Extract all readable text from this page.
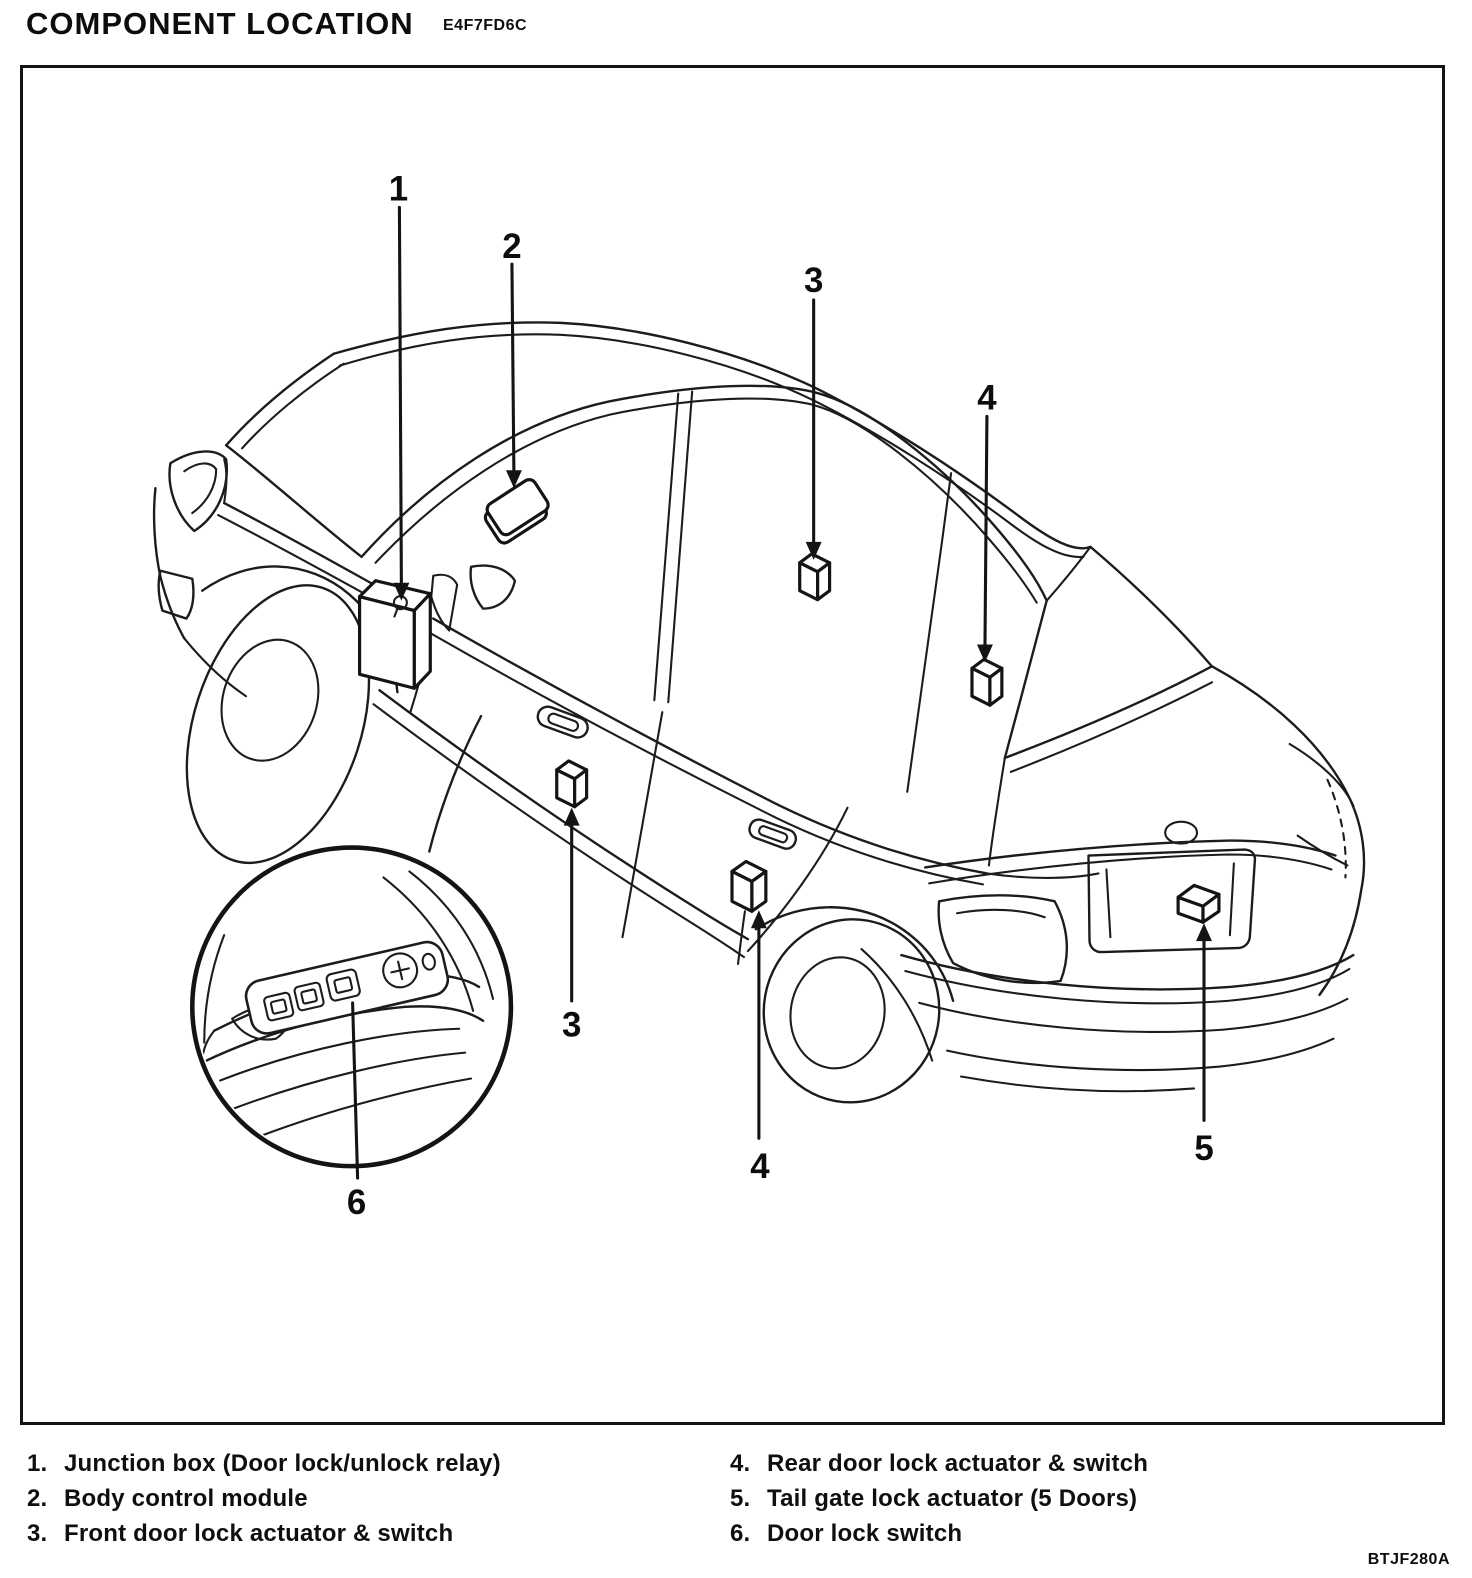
COMPONENT LOCATION E4F7FD6C
1
2
3
4
3
4	5
6
1. Junction box (Door lock/unlock relay)
2. Body control module
3. Front door lock actuator & switch
4. Rear door lock actuator & switch
5. Tail gate lock actuator (5 Doors)
6. Door lock switch
BTJF280A
